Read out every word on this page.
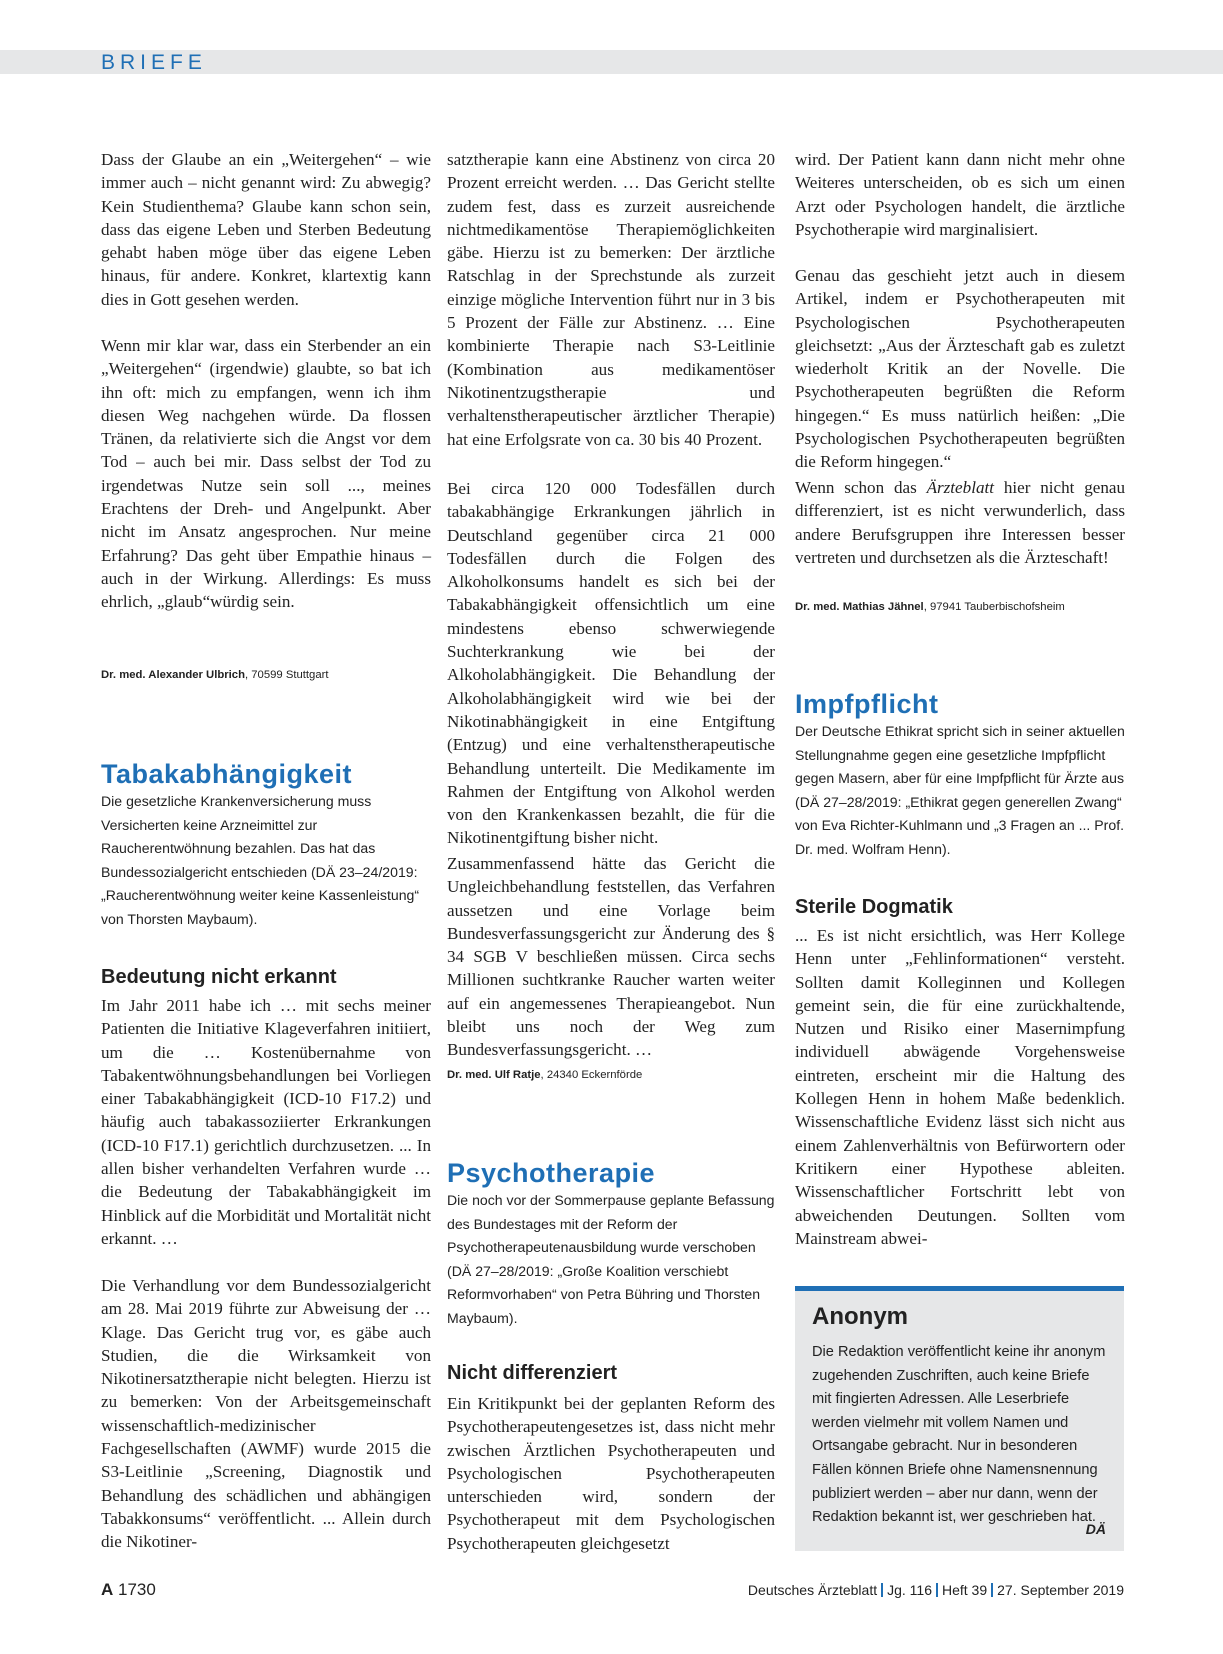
BRIEFE

Dass der Glaube an ein „Weitergehen“ – wie immer auch – nicht genannt wird: Zu abwegig? Kein Studienthema? Glaube kann schon sein, dass das eigene Leben und Sterben Bedeutung gehabt haben möge über das eigene Leben hinaus, für andere. Konkret, klartextig kann dies in Gott gesehen werden.

Wenn mir klar war, dass ein Sterbender an ein „Weitergehen“ (irgendwie) glaubte, so bat ich ihn oft: mich zu empfangen, wenn ich ihm diesen Weg nachgehen würde. Da flossen Tränen, da relativierte sich die Angst vor dem Tod – auch bei mir. Dass selbst der Tod zu irgendetwas Nutze sein soll ..., meines Erachtens der Dreh- und Angelpunkt. Aber nicht im Ansatz angesprochen. Nur meine Erfahrung? Das geht über Empathie hinaus – auch in der Wirkung. Allerdings: Es muss ehrlich, „glaub“würdig sein.

Dr. med. Alexander Ulbrich, 70599 Stuttgart

Tabakabhängigkeit

Die gesetzliche Krankenversicherung muss Versicherten keine Arzneimittel zur Raucherentwöhnung bezahlen. Das hat das Bundessozialgericht entschieden (DÄ 23–24/2019: „Raucherentwöhnung weiter keine Kassenleistung“ von Thorsten Maybaum).

Bedeutung nicht erkannt

Im Jahr 2011 habe ich … mit sechs meiner Patienten die Initiative Klageverfahren initiiert, um die … Kostenübernahme von Tabakentwöhnungsbehandlungen bei Vorliegen einer Tabakabhängigkeit (ICD-10 F17.2) und häufig auch tabakassoziierter Erkrankungen (ICD-10 F17.1) gerichtlich durchzusetzen. ... In allen bisher verhandelten Verfahren wurde … die Bedeutung der Tabakabhängigkeit im Hinblick auf die Morbidität und Mortalität nicht erkannt. …

Die Verhandlung vor dem Bundessozialgericht am 28. Mai 2019 führte zur Abweisung der … Klage. Das Gericht trug vor, es gäbe auch Studien, die die Wirksamkeit von Nikotinersatztherapie nicht belegten. Hierzu ist zu bemerken: Von der Arbeitsgemeinschaft wissenschaftlich-medizinischer Fachgesellschaften (AWMF) wurde 2015 die S3-Leitlinie „Screening, Diagnostik und Behandlung des schädlichen und abhängigen Tabakkonsums“ veröffentlicht. ... Allein durch die Nikotiner-

satztherapie kann eine Abstinenz von circa 20 Prozent erreicht werden. … Das Gericht stellte zudem fest, dass es zurzeit ausreichende nichtmedikamentöse Therapiemöglichkeiten gäbe. Hierzu ist zu bemerken: Der ärztliche Ratschlag in der Sprechstunde als zurzeit einzige mögliche Intervention führt nur in 3 bis 5 Prozent der Fälle zur Abstinenz. … Eine kombinierte Therapie nach S3-Leitlinie (Kombination aus medikamentöser Nikotinentzugstherapie und verhaltenstherapeutischer ärztlicher Therapie) hat eine Erfolgsrate von ca. 30 bis 40 Prozent.

Bei circa 120 000 Todesfällen durch tabakabhängige Erkrankungen jährlich in Deutschland gegenüber circa 21 000 Todesfällen durch die Folgen des Alkoholkonsums handelt es sich bei der Tabakabhängigkeit offensichtlich um eine mindestens ebenso schwerwiegende Suchterkrankung wie bei der Alkoholabhängigkeit. Die Behandlung der Alkoholabhängigkeit wird wie bei der Nikotinabhängigkeit in eine Entgiftung (Entzug) und eine verhaltenstherapeutische Behandlung unterteilt. Die Medikamente im Rahmen der Entgiftung von Alkohol werden von den Krankenkassen bezahlt, die für die Nikotinentgiftung bisher nicht.

Zusammenfassend hätte das Gericht die Ungleichbehandlung feststellen, das Verfahren aussetzen und eine Vorlage beim Bundesverfassungsgericht zur Änderung des § 34 SGB V beschließen müssen. Circa sechs Millionen suchtkranke Raucher warten weiter auf ein angemessenes Therapieangebot. Nun bleibt uns noch der Weg zum Bundesverfassungsgericht. …

Dr. med. Ulf Ratje, 24340 Eckernförde

Psychotherapie

Die noch vor der Sommerpause geplante Befassung des Bundestages mit der Reform der Psychotherapeutenausbildung wurde verschoben (DÄ 27–28/2019: „Große Koalition verschiebt Reformvorhaben“ von Petra Bühring und Thorsten Maybaum).

Nicht differenziert

Ein Kritikpunkt bei der geplanten Reform des Psychotherapeutengesetzes ist, dass nicht mehr zwischen Ärztlichen Psychotherapeuten und Psychologischen Psychotherapeuten unterschieden wird, sondern der Psychotherapeut mit dem Psychologischen Psychotherapeuten gleichgesetzt

wird. Der Patient kann dann nicht mehr ohne Weiteres unterscheiden, ob es sich um einen Arzt oder Psychologen handelt, die ärztliche Psychotherapie wird marginalisiert.

Genau das geschieht jetzt auch in diesem Artikel, indem er Psychotherapeuten mit Psychologischen Psychotherapeuten gleichsetzt: „Aus der Ärzteschaft gab es zuletzt wiederholt Kritik an der Novelle. Die Psychotherapeuten begrüßten die Reform hingegen.“ Es muss natürlich heißen: „Die Psychologischen Psychotherapeuten begrüßten die Reform hingegen.“

Wenn schon das Ärzteblatt hier nicht genau differenziert, ist es nicht verwunderlich, dass andere Berufsgruppen ihre Interessen besser vertreten und durchsetzen als die Ärzteschaft!

Dr. med. Mathias Jähnel, 97941 Tauberbischofsheim

Impfpflicht

Der Deutsche Ethikrat spricht sich in seiner aktuellen Stellungnahme gegen eine gesetzliche Impfpflicht gegen Masern, aber für eine Impfpflicht für Ärzte aus (DÄ 27–28/2019: „Ethikrat gegen generellen Zwang“ von Eva Richter-Kuhlmann und „3 Fragen an ... Prof. Dr. med. Wolfram Henn).

Sterile Dogmatik

... Es ist nicht ersichtlich, was Herr Kollege Henn unter „Fehlinformationen“ versteht. Sollten damit Kolleginnen und Kollegen gemeint sein, die für eine zurückhaltende, Nutzen und Risiko einer Masernimpfung individuell abwägende Vorgehensweise eintreten, erscheint mir die Haltung des Kollegen Henn in hohem Maße bedenklich. Wissenschaftliche Evidenz lässt sich nicht aus einem Zahlenverhältnis von Befürwortern oder Kritikern einer Hypothese ableiten. Wissenschaftlicher Fortschritt lebt von abweichenden Deutungen. Sollten vom Mainstream abwei-

Anonym

Die Redaktion veröffentlicht keine ihr anonym zugehenden Zuschriften, auch keine Briefe mit fingierten Adressen. Alle Leserbriefe werden vielmehr mit vollem Namen und Ortsangabe gebracht. Nur in besonderen Fällen können Briefe ohne Namensnennung publiziert werden – aber nur dann, wenn der Redaktion bekannt ist, wer geschrieben hat.

DÄ
A 1730	Deutsches Ärzteblatt Jg. 116 Heft 39 27. September 2019
